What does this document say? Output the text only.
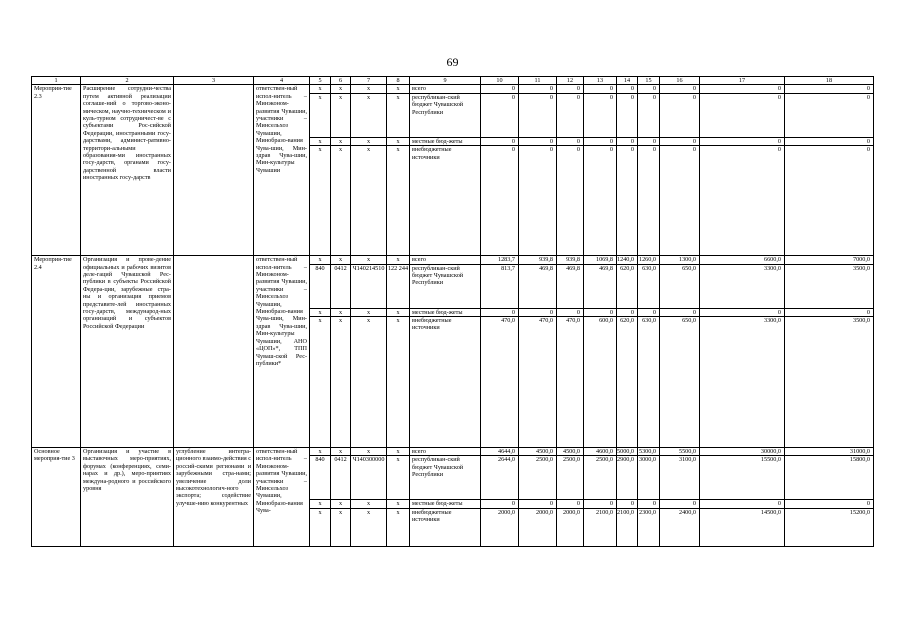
69
1	2	3	4	5	6	7	8	9	10	11	12	13	14	15	16	17	18
Мероприя-тие 2.3	Расширение сотрудни-чества путем активной реализации соглаше-ний о торгово-эконо-мическом, научно-техническом и куль-турном сотрудничест-ве с субъектами Рос-сийской Федерации, иностранными госу-дарствами, админист-ративно-территори-альными образования-ми иностранных госу-дарств, органами госу-дарственной власти иностранных госу-дарств		ответствен-ный испол-нитель – Минэконом-развития Чувашии, участники – Минсельхоз Чувашии, Минобразо-вания Чува-шии, Мин-здрав Чува-шии, Мин-культуры Чувашии	x	x	x	x	всего	0	0	0	0	0	0	0	0	0
				x	x	x	x	республикан-ский бюджет Чувашской Республики	0	0	0	0	0	0	0	0	0
				x	x	x	x	местные бюд-жеты	0	0	0	0	0	0	0	0	0
				x	x	x	x	внебюджетные источники	0	0	0	0	0	0	0	0	0
Мероприя-тие 2.4	Организация и прове-дение официальных и рабочих визитов деле-гаций Чувашской Рес-публики в субъекты Российской Федера-ции, зарубежные стра-ны и организация приемов представите-лей иностранных госу-дарств, международ-ных организаций и субъектов Российской Федерации		ответствен-ный испол-нитель – Минэконом-развития Чувашии, участники – Минсельхоз Чувашии, Минобразо-вания Чува-шии, Мин-здрав Чува-шии, Мин-культуры Чувашии, АНО «ЦОП»*, ТПП Чуваш-ской Рес-публики*	x	x	x	x	всего	1283,7	939,8	939,8	1069,8	1240,0	1260,0	1300,0	6600,0	7000,0
				840	0412	Ч140214510	122 244	республикан-ский бюджет Чувашской Республики	813,7	469,8	469,8	469,8	620,0	630,0	650,0	3300,0	3500,0
				x	x	x	x	местные бюд-жеты	0	0	0	0	0	0	0	0	0
				x	x	x	x	внебюджетные источники	470,0	470,0	470,0	600,0	620,0	630,0	650,0	3300,0	3500,0
Основное мероприя-тие 3	Организация и участие в выставочных меро-приятиях, форумах (конференциях, семи-нарах и др.), меро-приятиях междуна-родного и российского уровня	углубление интегра-ционного взаимо-действия с россий-скими регионами и зарубежными стра-нами; увеличение доли высокотехнологич-ного экспорта; содействие улучше-нию конкурентных	ответствен-ный испол-нитель – Минэконом-развития Чувашии, участники – Минсельхоз Чувашии, Минобразо-вания Чува-	x	x	x	x	всего	4644,0	4500,0	4500,0	4600,0	5000,0	5300,0	5500,0	30000,0	31000,0
				840	0412	Ч140300000	x	республикан-ский бюджет Чувашской Республики	2644,0	2500,0	2500,0	2500,0	2900,0	3000,0	3100,0	15500,0	15800,0
				x	x	x	x	местные бюд-жеты	0	0	0	0	0	0	0	0	0
				x	x	x	x	внебюджетные источники	2000,0	2000,0	2000,0	2100,0	2100,0	2300,0	2400,0	14500,0	15200,0
